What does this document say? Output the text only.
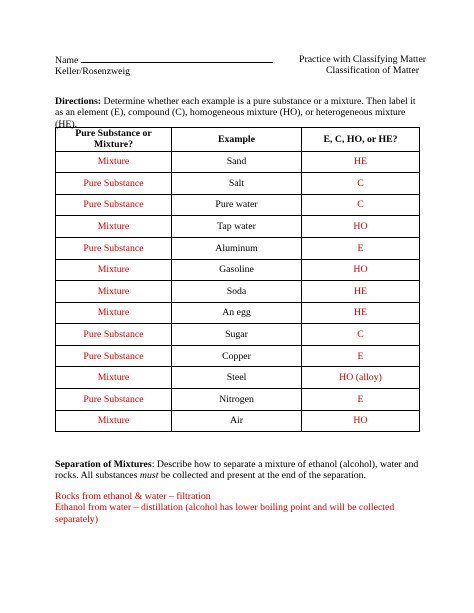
Name
Keller/Rosenzweig
Practice with Classifying Matter
Classification of Matter
Directions: Determine whether each example is a pure substance or a mixture. Then label it as an element (E), compound (C), homogeneous mixture (HO), or heterogeneous mixture (HE).
Pure Substance or Mixture?	Example	E, C, HO, or HE?
Mixture	Sand	HE
Pure Substance	Salt	C
Pure Substance	Pure water	C
Mixture	Tap water	HO
Pure Substance	Aluminum	E
Mixture	Gasoline	HO
Mixture	Soda	HE
Mixture	An egg	HE
Pure Substance	Sugar	C
Pure Substance	Copper	E
Mixture	Steel	HO (alloy)
Pure Substance	Nitrogen	E
Mixture	Air	HO
Separation of Mixtures: Describe how to separate a mixture of ethanol (alcohol), water and rocks. All substances must be collected and present at the end of the separation.
Rocks from ethanol & water – filtration
Ethanol from water – distillation (alcohol has lower boiling point and will be collected separately)
